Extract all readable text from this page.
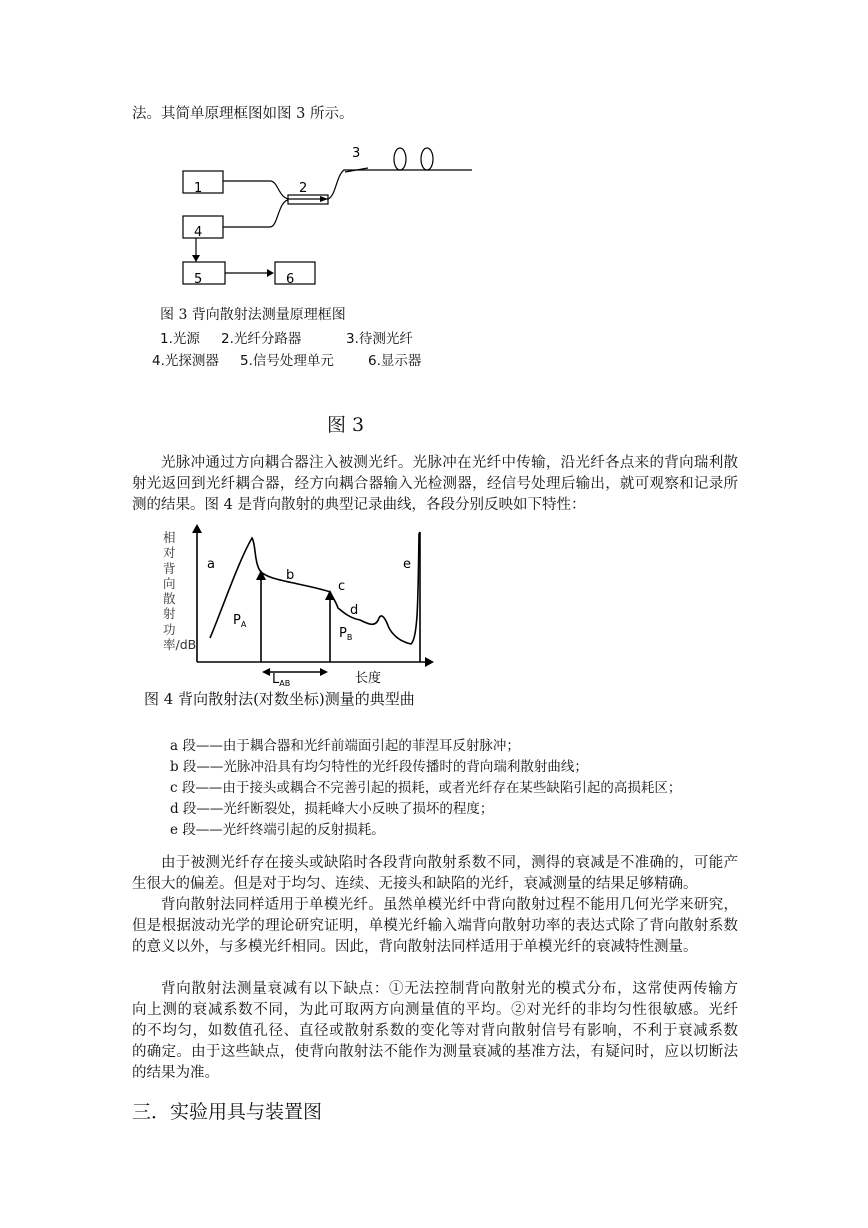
法。其简单原理框图如图 3 所示。
1	2
3
4
5	6
图 3 背向散射法测量原理框图
1.光源 2.光纤分路器	3.待测光纤
4.光探测器 5.信号处理单元	6.显示器
图 3
光脉冲通过方向耦合器注入被测光纤。光脉冲在光纤中传输，沿光纤各点来的背向瑞利散射光返回到光纤耦合器，经方向耦合器输入光检测器，经信号处理后输出，就可观察和记录所测的结果。图 4 是背向散射的典型记录曲线，各段分别反映如下特性：
相对背向散射功率/dB
a
b
c
d
e
$P_A$
$P_B$
$L_{AB}$	长度
图 4 背向散射法(对数坐标)测量的典型曲
a 段——由于耦合器和光纤前端面引起的菲涅耳反射脉冲；
b 段——光脉冲沿具有均匀特性的光纤段传播时的背向瑞利散射曲线；
c 段——由于接头或耦合不完善引起的损耗，或者光纤存在某些缺陷引起的高损耗区；
d 段——光纤断裂处，损耗峰大小反映了损坏的程度；
e 段——光纤终端引起的反射损耗。
由于被测光纤存在接头或缺陷时各段背向散射系数不同，测得的衰减是不准确的，可能产生很大的偏差。但是对于均匀、连续、无接头和缺陷的光纤，衰减测量的结果足够精确。
背向散射法同样适用于单模光纤。虽然单模光纤中背向散射过程不能用几何光学来研究，但是根据波动光学的理论研究证明，单模光纤输入端背向散射功率的表达式除了背向散射系数的意义以外，与多模光纤相同。因此，背向散射法同样适用于单模光纤的衰减特性测量。
背向散射法测量衰减有以下缺点：①无法控制背向散射光的模式分布，这常使两传输方　向上测的衰减系数不同，为此可取两方向测量值的平均。②对光纤的非均匀性很敏感。光纤　的不均匀，如数值孔径、直径或散射系数的变化等对背向散射信号有影响，不利于衰减系数　的确定。由于这些缺点，使背向散射法不能作为测量衰减的基准方法，有疑问时，应以切断法的结果为准。
三．实验用具与装置图
